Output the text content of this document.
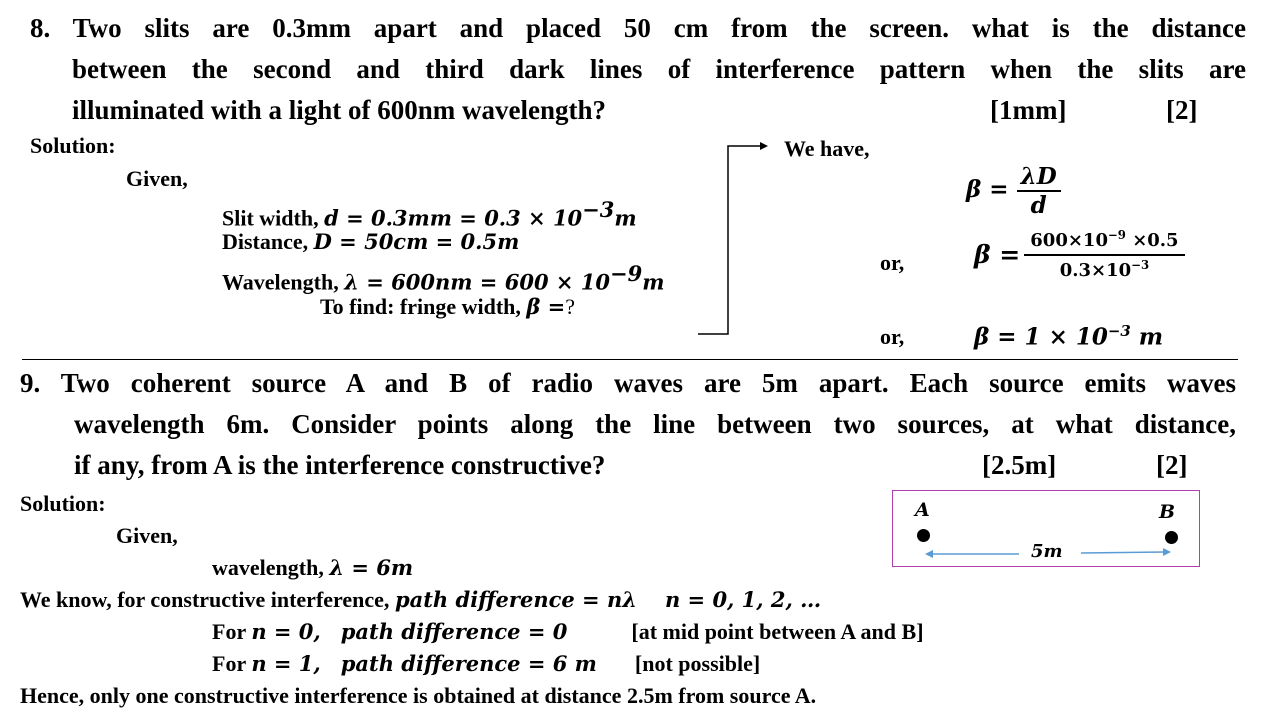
8. Two slits are 0.3mm apart and placed 50 cm from the screen. what is the distance
between the second and third dark lines of interference pattern when the slits are
illuminated with a light of 600nm wavelength?	[1mm]	[2]
Solution:
Given,
Slit width, $d = 0.3mm = 0.3 \times 10^{-3}m$
Distance, D = 50cm = 0.5m
Wavelength, $\lambda = 600nm = 600 \times 10^{-9}m$
To find: fringe width, β =?
We have,
$\beta = \frac{\lambda D}{d}$
or,	$\beta = \frac{600\times 10^{-9} \times 0.5}{0.3\times 10^{-3}}$
or,	$\beta = 1 \times 10^{-3}$ m
9. Two coherent source A and B of radio waves are 5m apart. Each source emits waves
wavelength 6m. Consider points along the line between two sources, at what distance,
if any, from A is the interference constructive?	[2.5m]	[2]
Solution:
Given,
wavelength, λ = 6m
We know, for constructive interference, path difference = nλ n = 0, 1, 2, …
For n = 0, path difference = 0	[at mid point between A and B]
For n = 1, path difference = 6 m [not possible]
Hence, only one constructive interference is obtained at distance 2.5m from source A.
A	B
5m
